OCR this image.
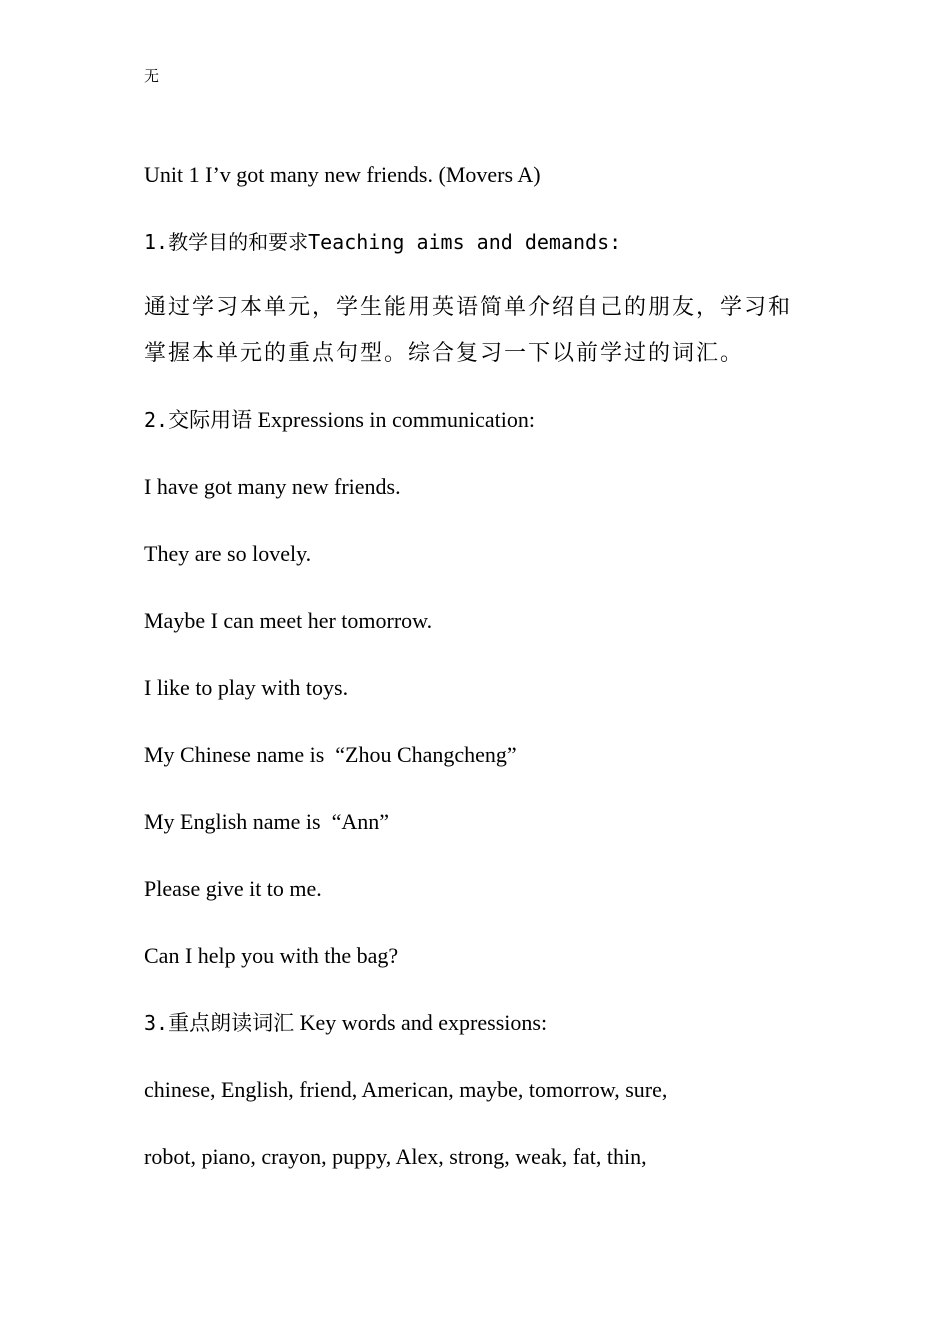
无
Unit 1 I’v got many new friends. (Movers A)
1.教学目的和要求Teaching aims and demands:
通过学习本单元，学生能用英语简单介绍自己的朋友，学习和掌握本单元的重点句型。综合复习一下以前学过的词汇。
2.交际用语 Expressions in communication:
I have got many new friends.
They are so lovely.
Maybe I can meet her tomorrow.
I like to play with toys.
My Chinese name is  “Zhou Changcheng”
My English name is  “Ann”
Please give it to me.
Can I help you with the bag?
3.重点朗读词汇 Key words and expressions:
chinese, English, friend, American, maybe, tomorrow, sure,
robot, piano, crayon, puppy, Alex, strong, weak, fat, thin,
